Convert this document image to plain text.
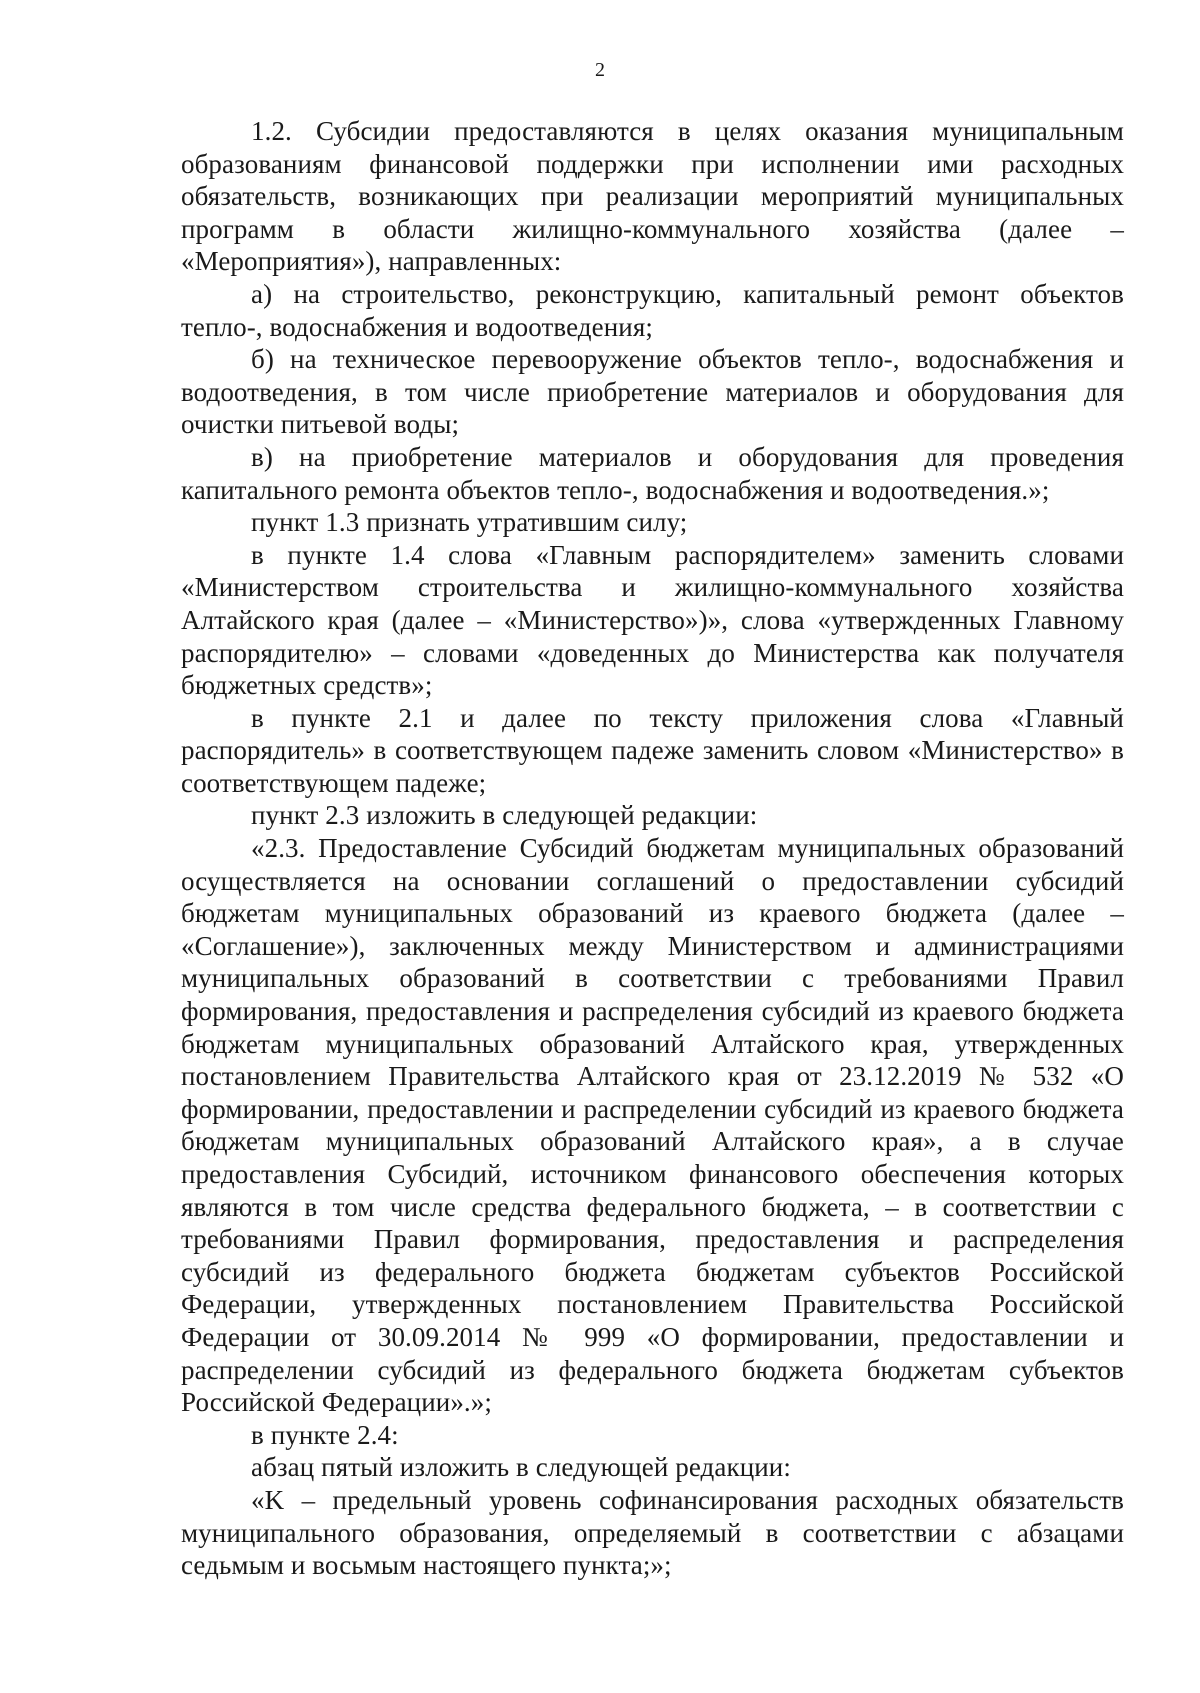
2

1.2. Субсидии предоставляются в целях оказания муниципальным образованиям финансовой поддержки при исполнении ими расходных обязательств, возникающих при реализации мероприятий муниципальных программ в области жилищно-коммунального хозяйства (далее – «Мероприятия»), направленных:

а) на строительство, реконструкцию, капитальный ремонт объектов тепло-, водоснабжения и водоотведения;

б) на техническое перевооружение объектов тепло-, водоснабжения и водоотведения, в том числе приобретение материалов и оборудования для очистки питьевой воды;

в) на приобретение материалов и оборудования для проведения капитального ремонта объектов тепло-, водоснабжения и водоотведения.»;

пункт 1.3 признать утратившим силу;

в пункте 1.4 слова «Главным распорядителем» заменить словами «Министерством строительства и жилищно-коммунального хозяйства Алтайского края (далее – «Министерство»)», слова «утвержденных Главному распорядителю» – словами «доведенных до Министерства как получателя бюджетных средств»;

в пункте 2.1 и далее по тексту приложения слова «Главный распорядитель» в соответствующем падеже заменить словом «Министерство» в соответствующем падеже;

пункт 2.3 изложить в следующей редакции:

«2.3. Предоставление Субсидий бюджетам муниципальных образований осуществляется на основании соглашений о предоставлении субсидий бюджетам муниципальных образований из краевого бюджета (далее – «Соглашение»), заключенных между Министерством и администрациями муниципальных образований в соответствии с требованиями Правил формирования, предоставления и распределения субсидий из краевого бюджета бюджетам муниципальных образований Алтайского края, утвержденных постановлением Правительства Алтайского края от 23.12.2019 № 532 «О формировании, предоставлении и распределении субсидий из краевого бюджета бюджетам муниципальных образований Алтайского края», а в случае предоставления Субсидий, источником финансового обеспечения которых являются в том числе средства федерального бюджета, – в соответствии с требованиями Правил формирования, предоставления и распределения субсидий из федерального бюджета бюджетам субъектов Российской Федерации, утвержденных постановлением Правительства Российской Федерации от 30.09.2014 № 999 «О формировании, предоставлении и распределении субсидий из федерального бюджета бюджетам субъектов Российской Федерации».»;

в пункте 2.4:

абзац пятый изложить в следующей редакции:

«K – предельный уровень софинансирования расходных обязательств муниципального образования, определяемый в соответствии с абзацами седьмым и восьмым настоящего пункта;»;
